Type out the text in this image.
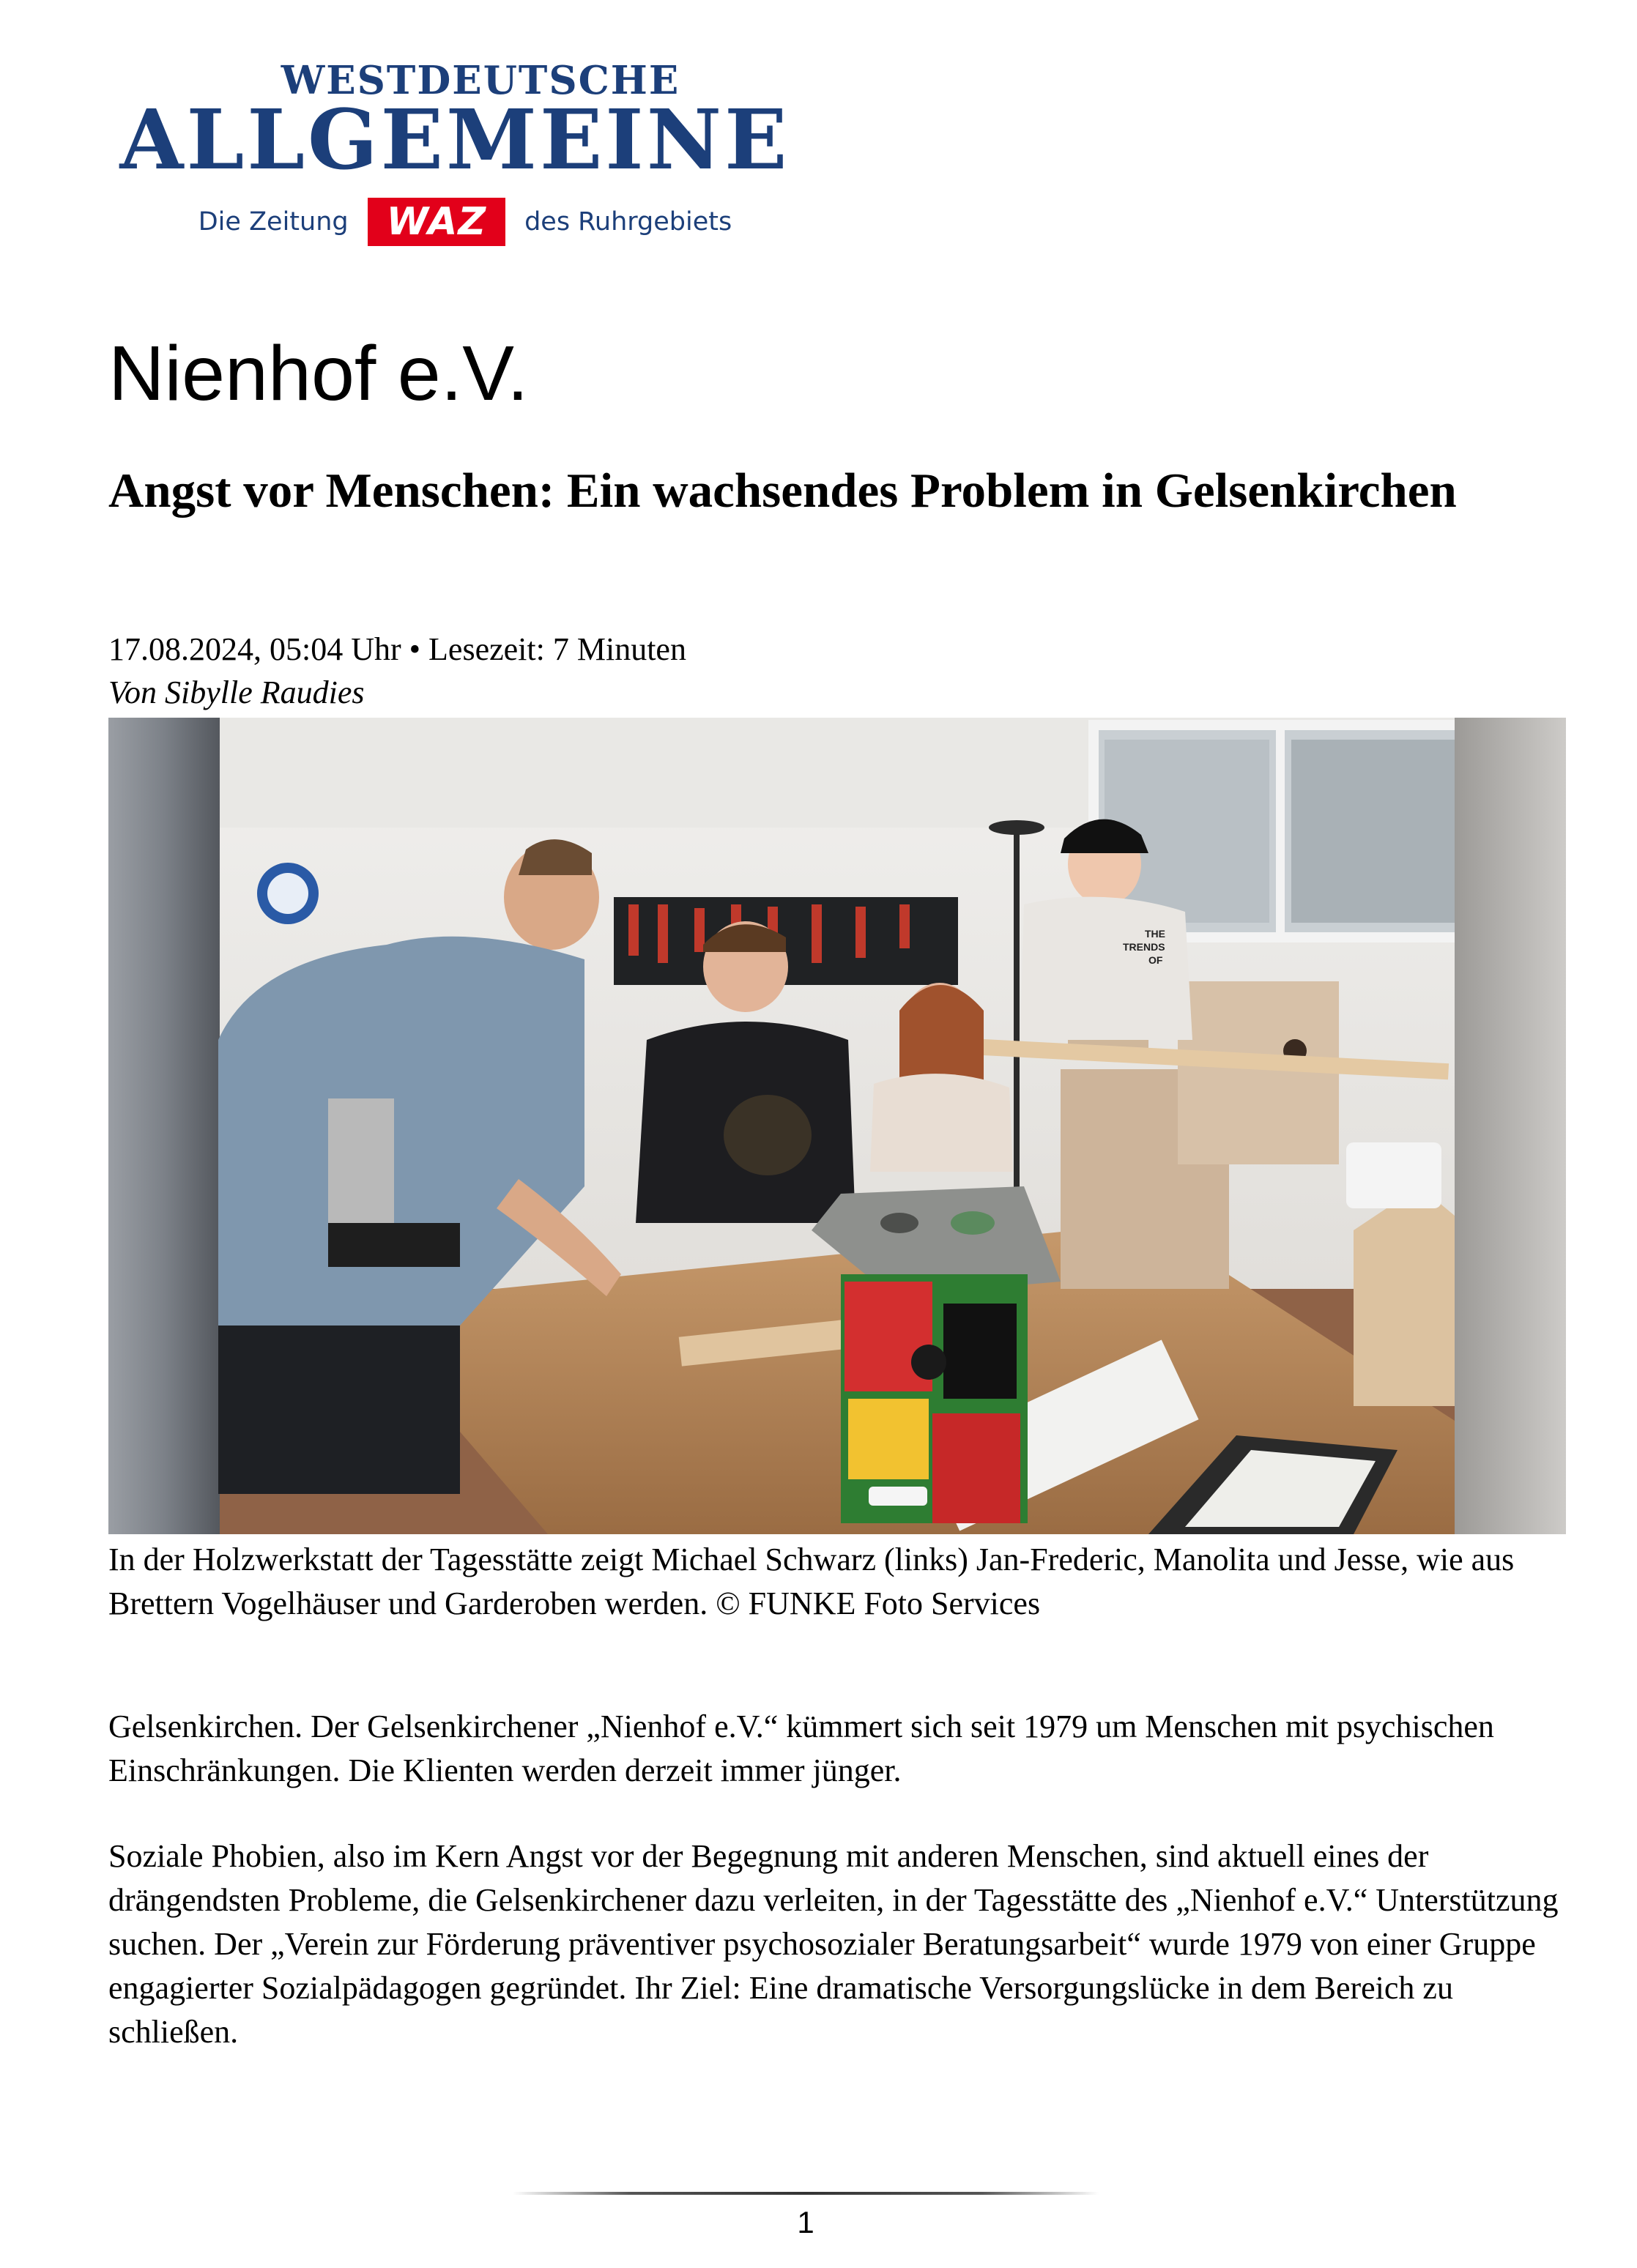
WESTDEUTSCHE
ALLGEMEINE
Die Zeitung	WAZ	des Ruhrgebiets
Nienhof e.V.
Angst vor Menschen: Ein wachsendes Problem in Gelsenkirchen
17.08.2024, 05:04 Uhr • Lesezeit: 7 Minuten
Von Sibylle Raudies
THE
TRENDS
OF
In der Holzwerkstatt der Tagesstätte zeigt Michael Schwarz (links) Jan-Frederic, Manolita und Jesse, wie aus Brettern Vogelhäuser und Garderoben werden. © FUNKE Foto Services

Gelsenkirchen. Der Gelsenkirchener „Nienhof e.V.“ kümmert sich seit 1979 um Menschen mit psychischen Einschränkungen. Die Klienten werden derzeit immer jünger.

Soziale Phobien, also im Kern Angst vor der Begegnung mit anderen Menschen, sind aktuell eines der drängendsten Probleme, die Gelsenkirchener dazu verleiten, in der Tagesstätte des „Nienhof e.V.“ Unterstützung suchen. Der „Verein zur Förderung präventiver psychosozialer Beratungsarbeit“ wurde 1979 von einer Gruppe engagierter Sozialpädagogen gegründet. Ihr Ziel: Eine dramatische Versorgungslücke in dem Bereich zu schließen.

1
